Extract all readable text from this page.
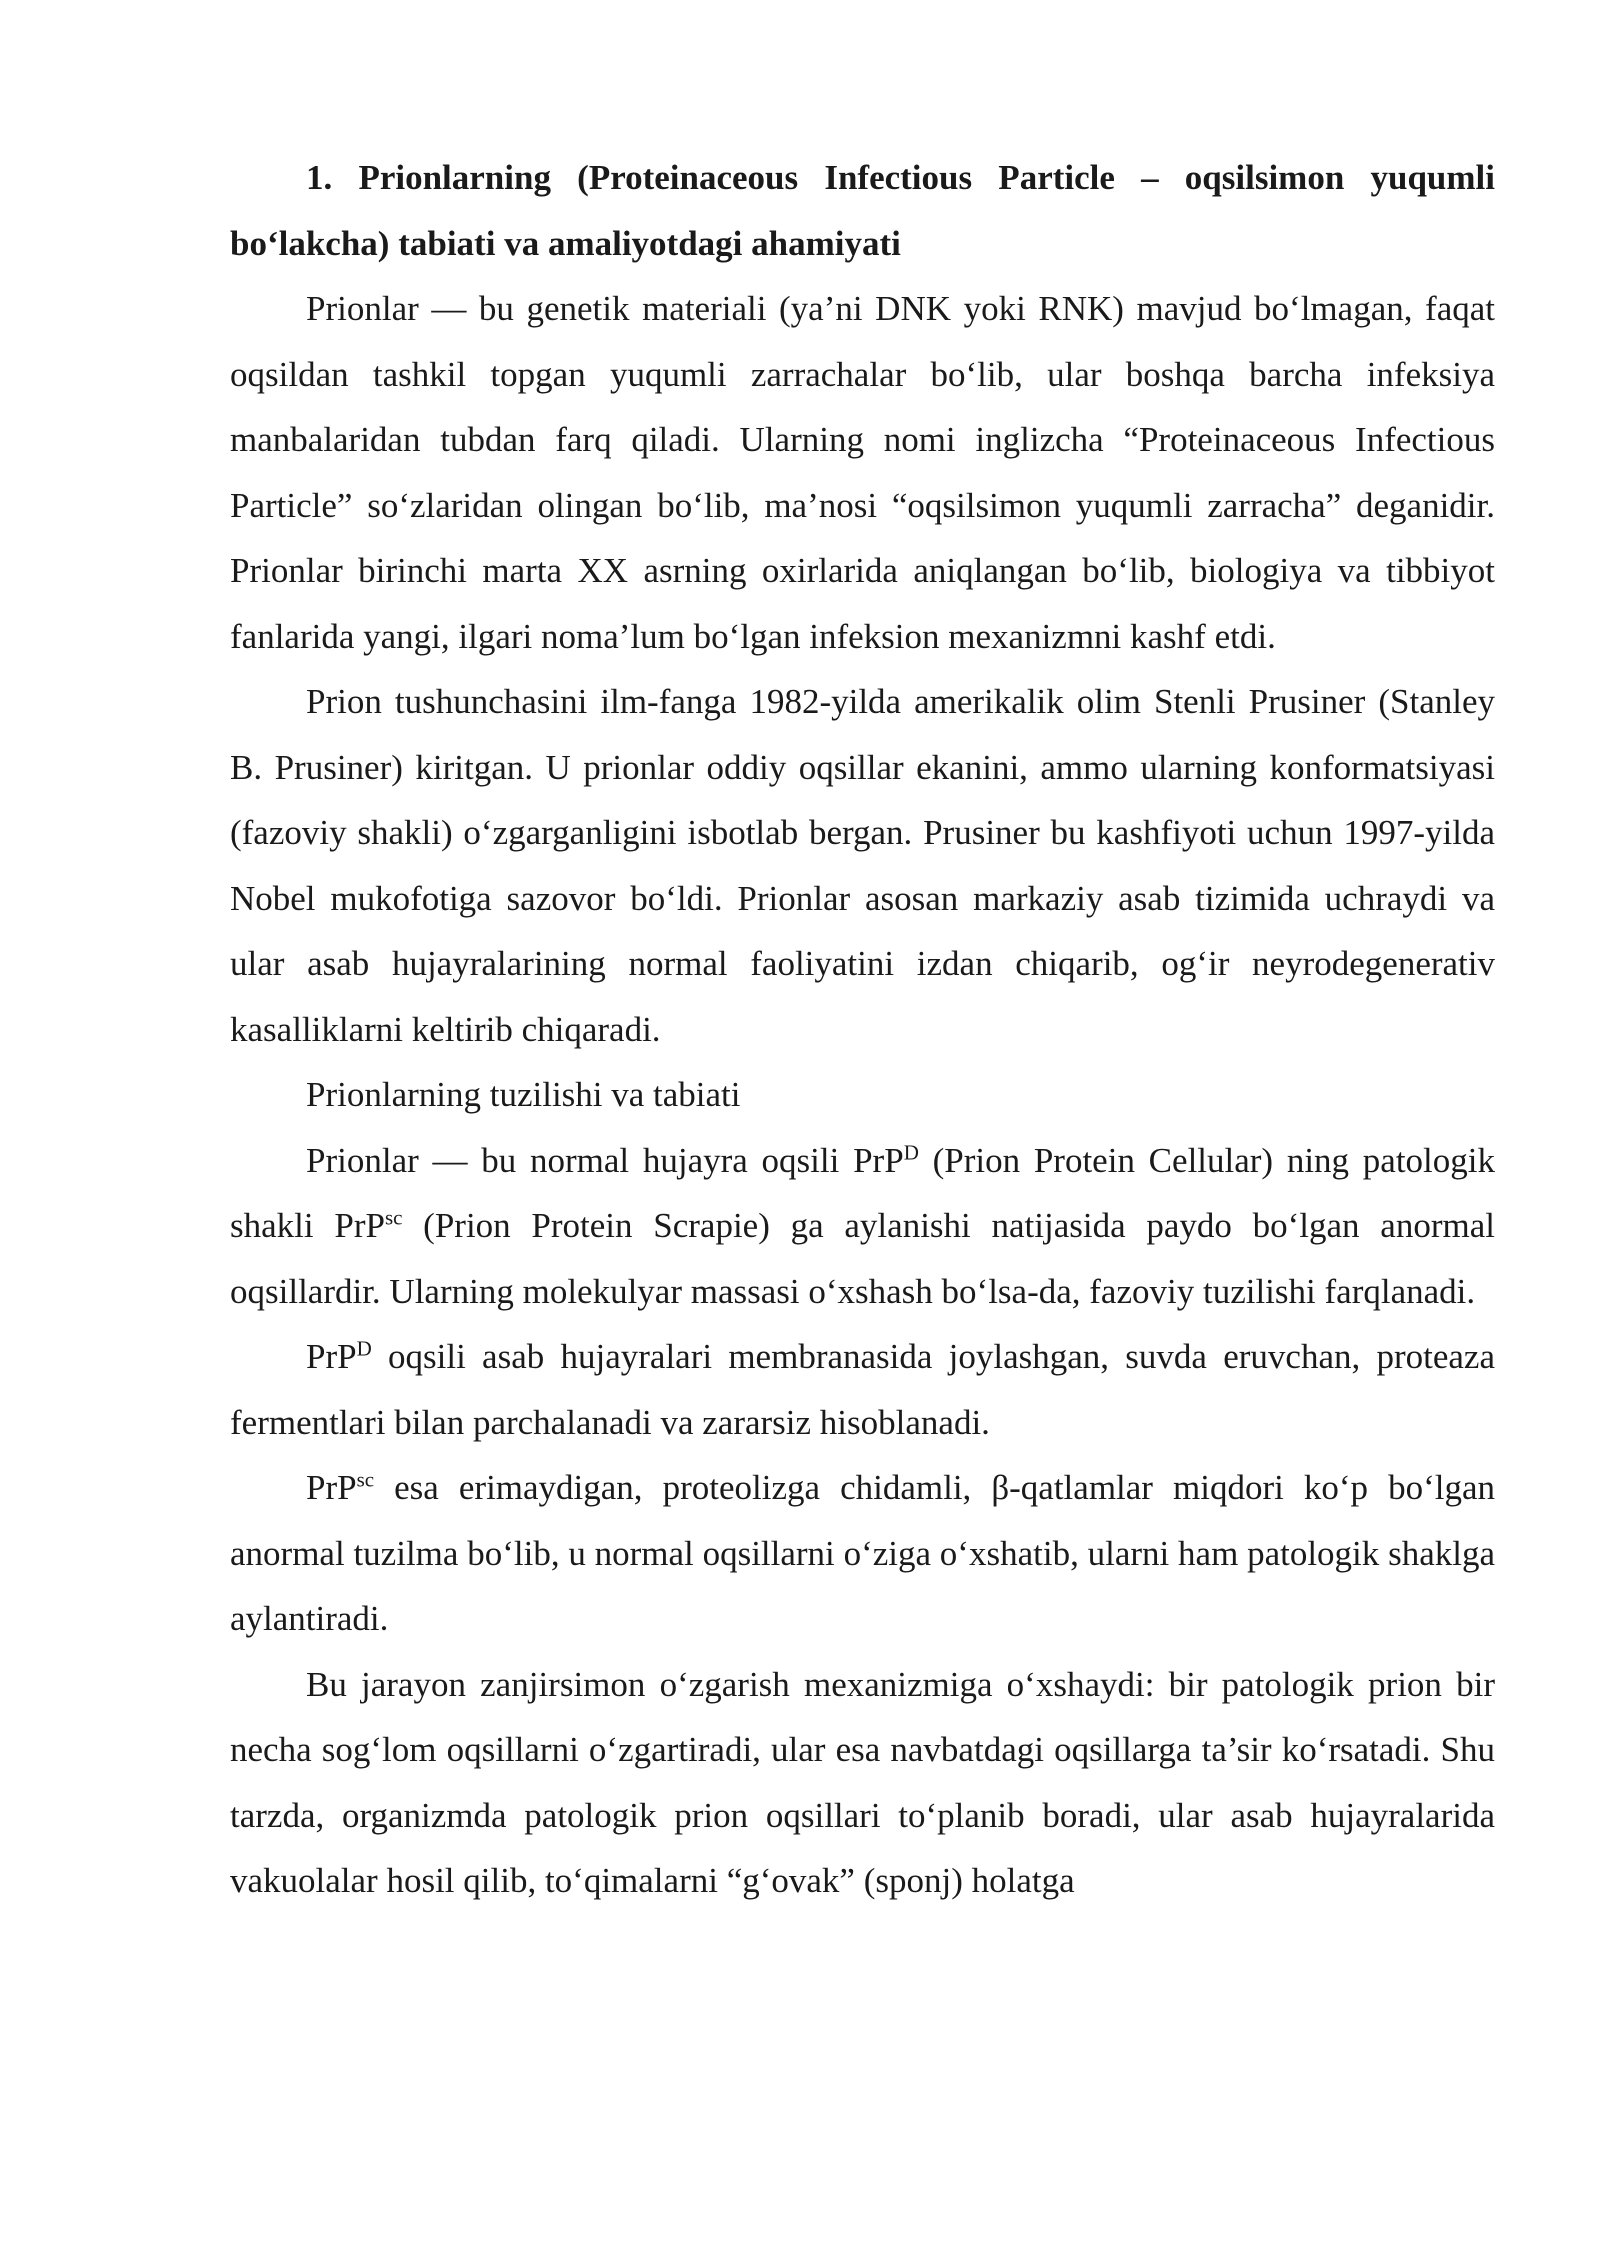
1. Prionlarning (Proteinaceous Infectious Particle – oqsilsimon yuqumli bo‘lakcha) tabiati va amaliyotdagi ahamiyati

Prionlar — bu genetik materiali (ya’ni DNK yoki RNK) mavjud bo‘lmagan, faqat oqsildan tashkil topgan yuqumli zarrachalar bo‘lib, ular boshqa barcha infeksiya manbalaridan tubdan farq qiladi. Ularning nomi inglizcha “Proteinaceous Infectious Particle” so‘zlaridan olingan bo‘lib, ma’nosi “oqsilsimon yuqumli zarracha” deganidir. Prionlar birinchi marta XX asrning oxirlarida aniqlangan bo‘lib, biologiya va tibbiyot fanlarida yangi, ilgari noma’lum bo‘lgan infeksion mexanizmni kashf etdi.

Prion tushunchasini ilm-fanga 1982-yilda amerikalik olim Stenli Prusiner (Stanley B. Prusiner) kiritgan. U prionlar oddiy oqsillar ekanini, ammo ularning konformatsiyasi (fazoviy shakli) o‘zgarganligini isbotlab bergan. Prusiner bu kashfiyoti uchun 1997-yilda Nobel mukofotiga sazovor bo‘ldi. Prionlar asosan markaziy asab tizimida uchraydi va ular asab hujayralarining normal faoliyatini izdan chiqarib, og‘ir neyrodegenerativ kasalliklarni keltirib chiqaradi.

Prionlarning tuzilishi va tabiati

Prionlar — bu normal hujayra oqsili PrP$^D$ (Prion Protein Cellular) ning patologik shakli PrP$^{sc}$ (Prion Protein Scrapie) ga aylanishi natijasida paydo bo‘lgan anormal oqsillardir. Ularning molekulyar massasi o‘xshash bo‘lsa-da, fazoviy tuzilishi farqlanadi.

PrP$^D$ oqsili asab hujayralari membranasida joylashgan, suvda eruvchan, proteaza fermentlari bilan parchalanadi va zararsiz hisoblanadi.

PrP$^{sc}$ esa erimaydigan, proteolizga chidamli, β-qatlamlar miqdori ko‘p bo‘lgan anormal tuzilma bo‘lib, u normal oqsillarni o‘ziga o‘xshatib, ularni ham patologik shaklga aylantiradi.

Bu jarayon zanjirsimon o‘zgarish mexanizmiga o‘xshaydi: bir patologik prion bir necha sog‘lom oqsillarni o‘zgartiradi, ular esa navbatdagi oqsillarga ta’sir ko‘rsatadi. Shu tarzda, organizmda patologik prion oqsillari to‘planib boradi, ular asab hujayralarida vakuolalar hosil qilib, to‘qimalarni “g‘ovak” (sponj) holatga
